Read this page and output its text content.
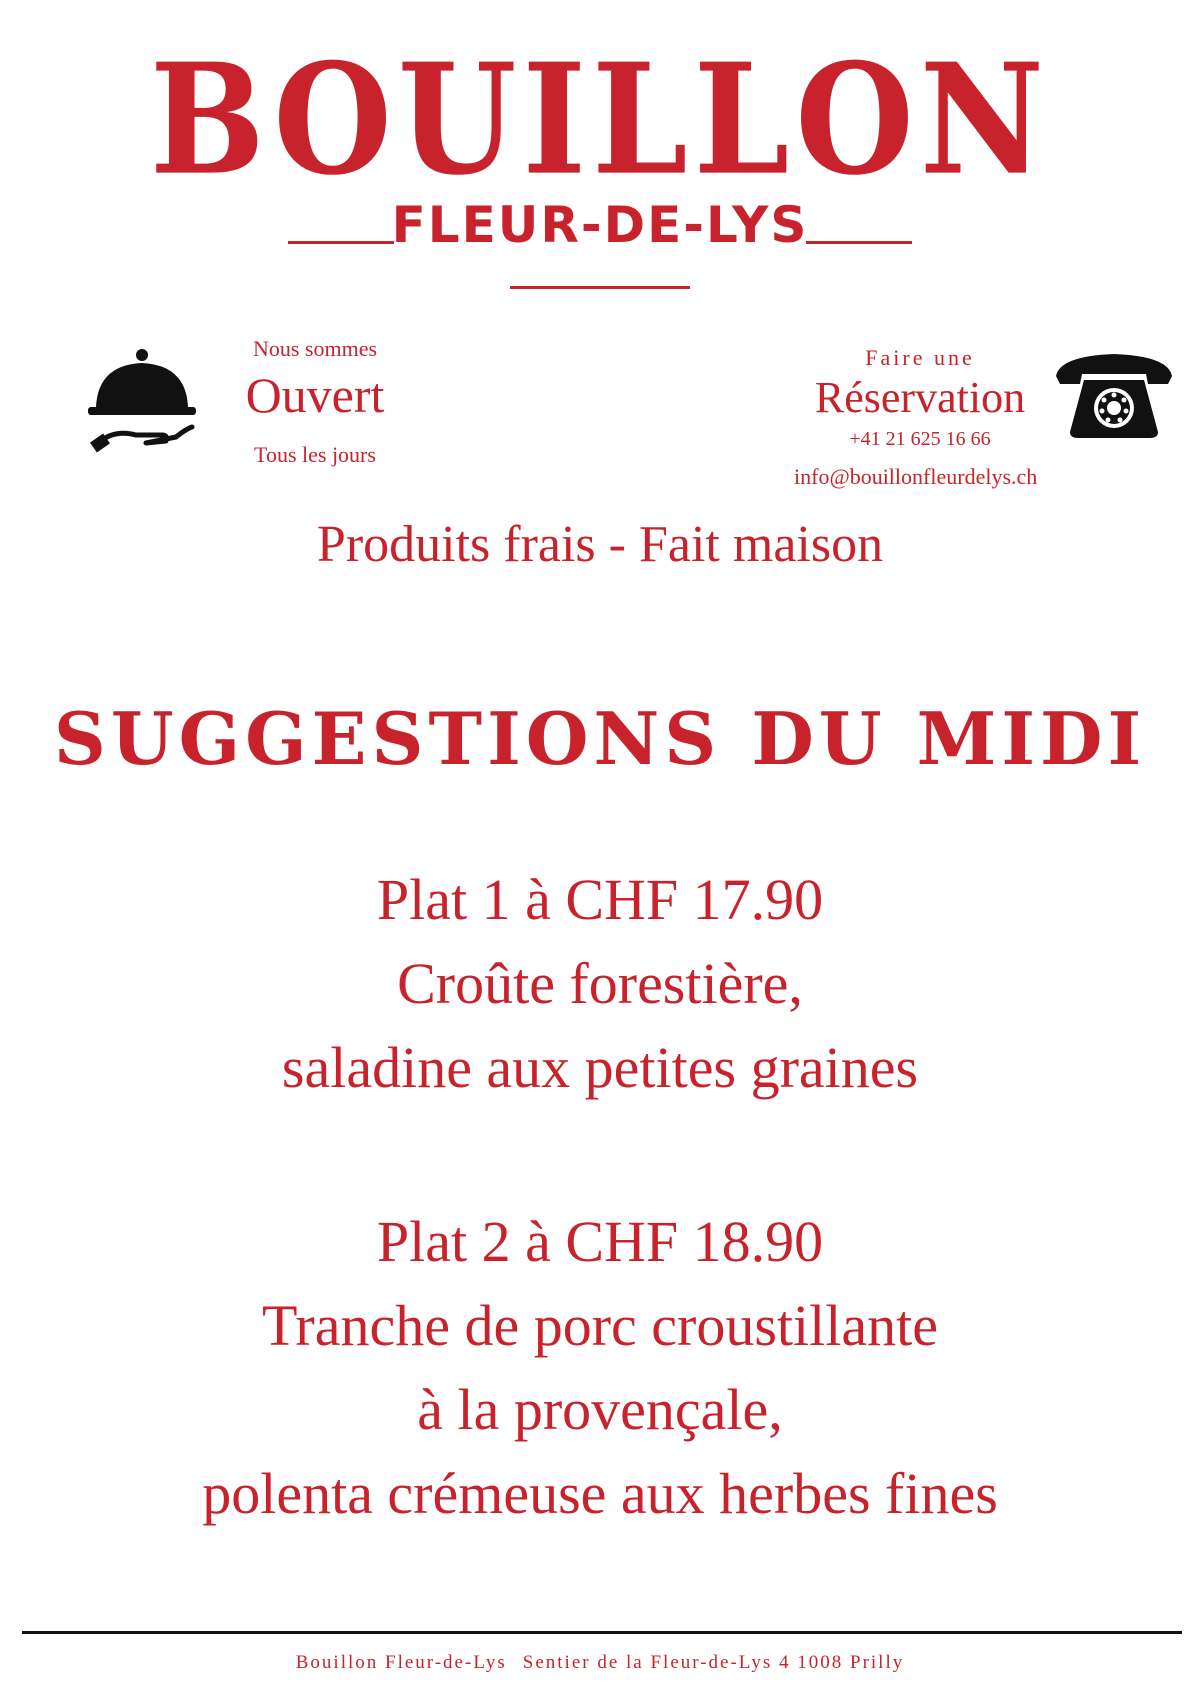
BOUILLON
FLEUR-DE-LYS
Nous sommes
Ouvert
Tous les jours
Faire une
Réservation
+41 21 625 16 66
info@bouillonfleurdelys.ch
Produits frais - Fait maison
SUGGESTIONS DU MIDI
Plat 1 à CHF 17.90
Croûte forestière,
saladine aux petites graines
Plat 2 à CHF 18.90
Tranche de porc croustillante
à la provençale,
polenta crémeuse aux herbes fines
Bouillon Fleur-de-Lys Sentier de la Fleur-de-Lys 4 1008 Prilly
